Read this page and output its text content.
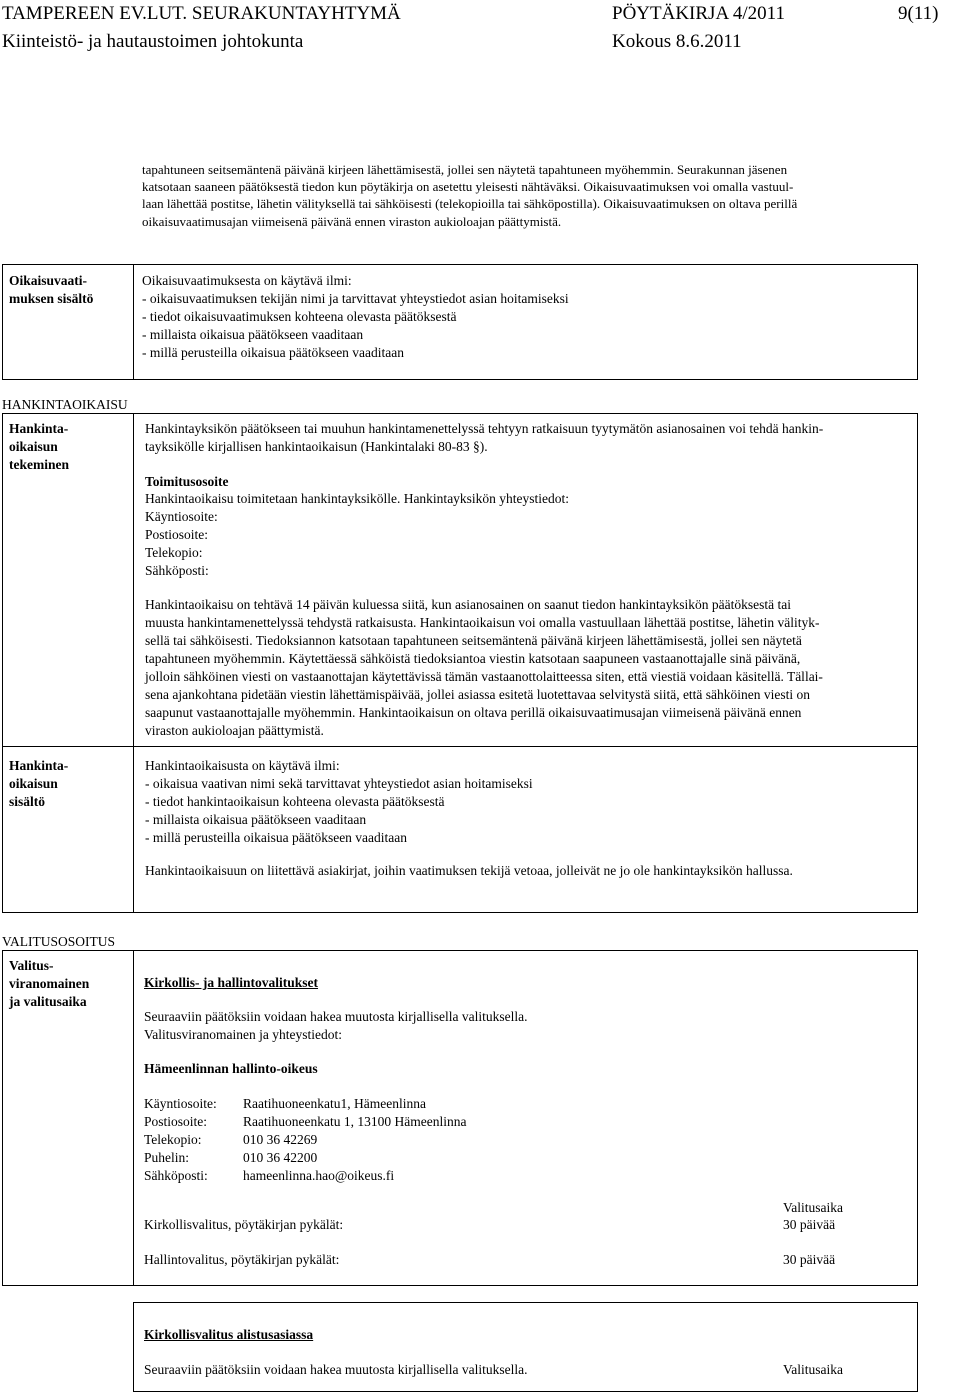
TAMPEREEN EV.LUT. SEURAKUNTAYHTYMÄ	PÖYTÄKIRJA 4/2011	9(11)
Kiinteistö- ja hautaustoimen johtokunta	Kokous 8.6.2011
tapahtuneen seitsemäntenä päivänä kirjeen lähettämisestä, jollei sen näytetä tapahtuneen myöhemmin. Seurakunnan jäsenen
katsotaan saaneen päätöksestä tiedon kun pöytäkirja on asetettu yleisesti nähtäväksi. Oikaisuvaatimuksen voi omalla vastuul-
laan lähettää postitse, lähetin välityksellä tai sähköisesti (telekopioilla tai sähköpostilla). Oikaisuvaatimuksen on oltava perillä
oikaisuvaatimusajan viimeisenä päivänä ennen viraston aukioloajan päättymistä.
Oikaisuvaati-
muksen sisältö
Oikaisuvaatimuksesta on käytävä ilmi:
- oikaisuvaatimuksen tekijän nimi ja tarvittavat yhteystiedot asian hoitamiseksi
- tiedot oikaisuvaatimuksen kohteena olevasta päätöksestä
- millaista oikaisua päätökseen vaaditaan
- millä perusteilla oikaisua päätökseen vaaditaan
HANKINTAOIKAISU
Hankinta-
oikaisun
tekeminen
Hankintayksikön päätökseen tai muuhun hankintamenettelyssä tehtyyn ratkaisuun tyytymätön asianosainen voi tehdä hankin-
tayksikölle kirjallisen hankintaoikaisun (Hankintalaki 80-83 §).
Toimitusosoite
Hankintaoikaisu toimitetaan hankintayksikölle. Hankintayksikön yhteystiedot:
Käyntiosoite:
Postiosoite:
Telekopio:
Sähköposti:
Hankintaoikaisu on tehtävä 14 päivän kuluessa siitä, kun asianosainen on saanut tiedon hankintayksikön päätöksestä tai
muusta hankintamenettelyssä tehdystä ratkaisusta. Hankintaoikaisun voi omalla vastuullaan lähettää postitse, lähetin välityk-
sellä tai sähköisesti. Tiedoksiannon katsotaan tapahtuneen seitsemäntenä päivänä kirjeen lähettämisestä, jollei sen näytetä
tapahtuneen myöhemmin. Käytettäessä sähköistä tiedoksiantoa viestin katsotaan saapuneen vastaanottajalle sinä päivänä,
jolloin sähköinen viesti on vastaanottajan käytettävissä tämän vastaanottolaitteessa siten, että viestiä voidaan käsitellä. Tällai-
sena ajankohtana pidetään viestin lähettämispäivää, jollei asiassa esitetä luotettavaa selvitystä siitä, että sähköinen viesti on
saapunut vastaanottajalle myöhemmin. Hankintaoikaisun on oltava perillä oikaisuvaatimusajan viimeisenä päivänä ennen
viraston aukioloajan päättymistä.
Hankinta-
oikaisun
sisältö
Hankintaoikaisusta on käytävä ilmi:
- oikaisua vaativan nimi sekä tarvittavat yhteystiedot asian hoitamiseksi
- tiedot hankintaoikaisun kohteena olevasta päätöksestä
- millaista oikaisua päätökseen vaaditaan
- millä perusteilla oikaisua päätökseen vaaditaan
Hankintaoikaisuun on liitettävä asiakirjat, joihin vaatimuksen tekijä vetoaa, jolleivät ne jo ole hankintayksikön hallussa.
VALITUSOSOITUS
Valitus-
viranomainen
ja valitusaika
Kirkollis- ja hallintovalitukset
Seuraaviin päätöksiin voidaan hakea muutosta kirjallisella valituksella.
Valitusviranomainen ja yhteystiedot:
Hämeenlinnan hallinto-oikeus
Käyntiosoite:	Raatihuoneenkatu1, Hämeenlinna
Postiosoite:	Raatihuoneenkatu 1, 13100 Hämeenlinna
Telekopio:	010 36 42269
Puhelin:	010 36 42200
Sähköposti:	hameenlinna.hao@oikeus.fi
Valitusaika
Kirkollisvalitus, pöytäkirjan pykälät:	30 päivää
Hallintovalitus, pöytäkirjan pykälät:	30 päivää
Kirkollisvalitus alistusasiassa
Seuraaviin päätöksiin voidaan hakea muutosta kirjallisella valituksella.	Valitusaika
